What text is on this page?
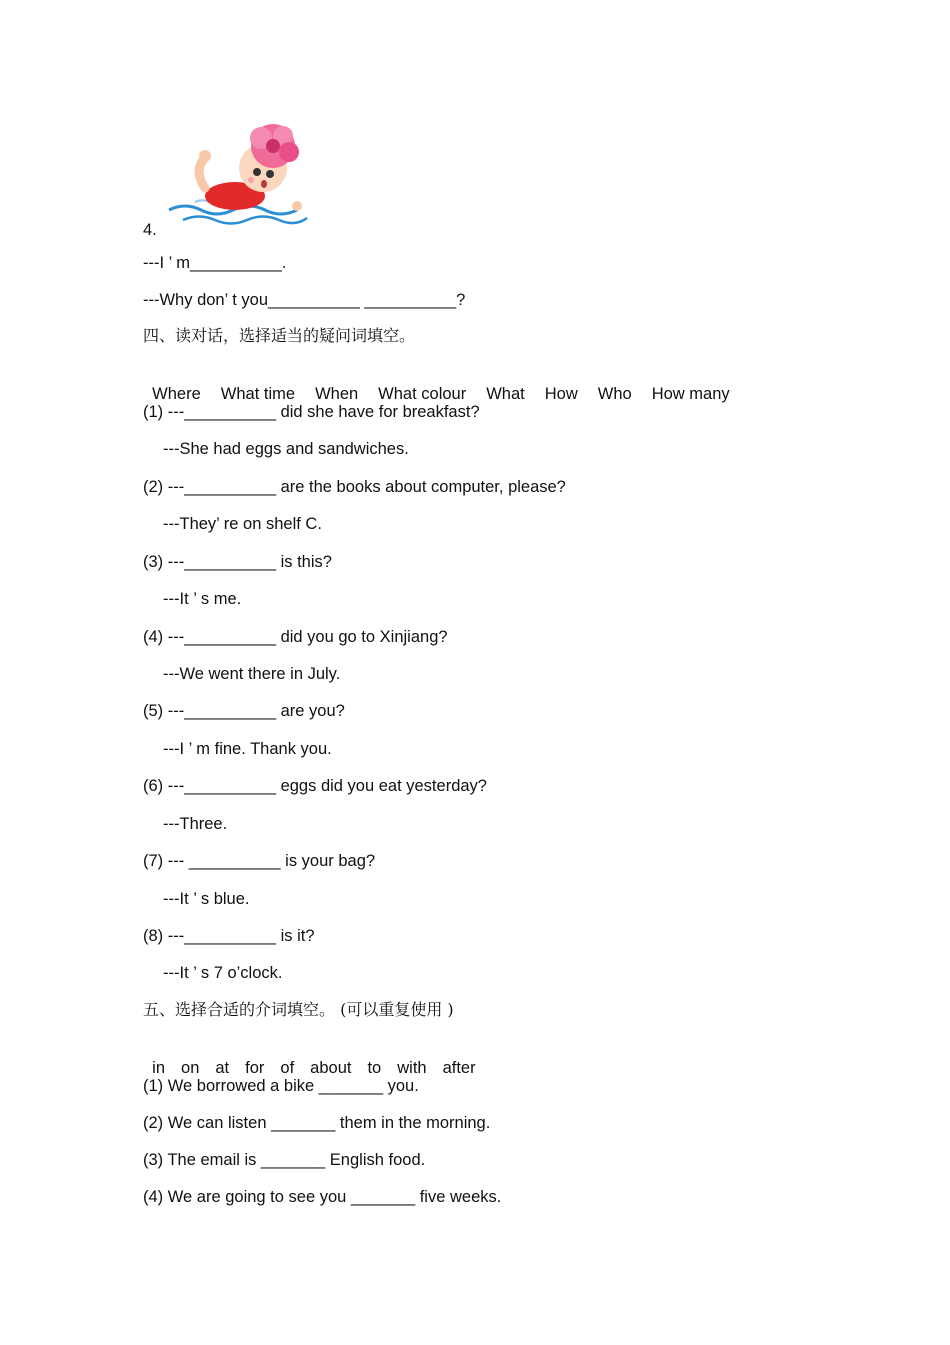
4.
---I ’ m__________.
---Why don’ t you__________ __________?
四、读对话，选择适当的疑问词填空。

Where What time When What colour What How Who How many

(1) ---__________ did she have for breakfast?
---She had eggs and sandwiches.
(2) ---__________ are the books about computer, please?
---They’ re on shelf C.
(3) ---__________ is this?
---It ’ s me.
(4) ---__________ did you go to Xinjiang?
---We went there in July.
(5) ---__________ are you?
---I ’ m fine. Thank you.
(6) ---__________ eggs did you eat yesterday?
---Three.
(7) --- __________ is your bag?
---It ’ s blue.
(8) ---__________ is it?
---It ’ s 7 o’clock.
五、选择合适的介词填空。 (可以重复使用 )

in on at for of about to with after

(1) We borrowed a bike _______ you.
(2) We can listen _______ them in the morning.
(3) The email is _______ English food.
(4) We are going to see you _______ five weeks.
